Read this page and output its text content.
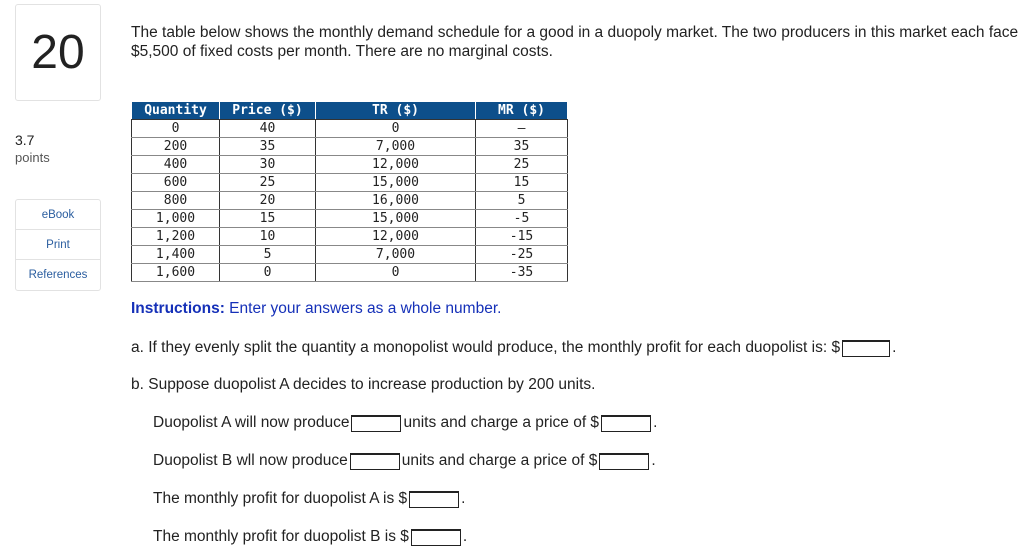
20
3.7
points
eBook
Print
References
The table below shows the monthly demand schedule for a good in a duopoly market. The two producers in this market each face $5,500 of fixed costs per month. There are no marginal costs.
Quantity	Price ($)	TR ($)	MR ($)
0	40	0	–
200	35	7,000	35
400	30	12,000	25
600	25	15,000	15
800	20	16,000	5
1,000	15	15,000	-5
1,200	10	12,000	-15
1,400	5	7,000	-25
1,600	0	0	-35
Instructions: Enter your answers as a whole number.
a. If they evenly split the quantity a monopolist would produce, the monthly profit for each duopolist is: $	.
b. Suppose duopolist A decides to increase production by 200 units.
Duopolist A will now produce	units and charge a price of $	.
Duopolist B wll now produce	units and charge a price of $	.
The monthly profit for duopolist A is $	.
The monthly profit for duopolist B is $	.
